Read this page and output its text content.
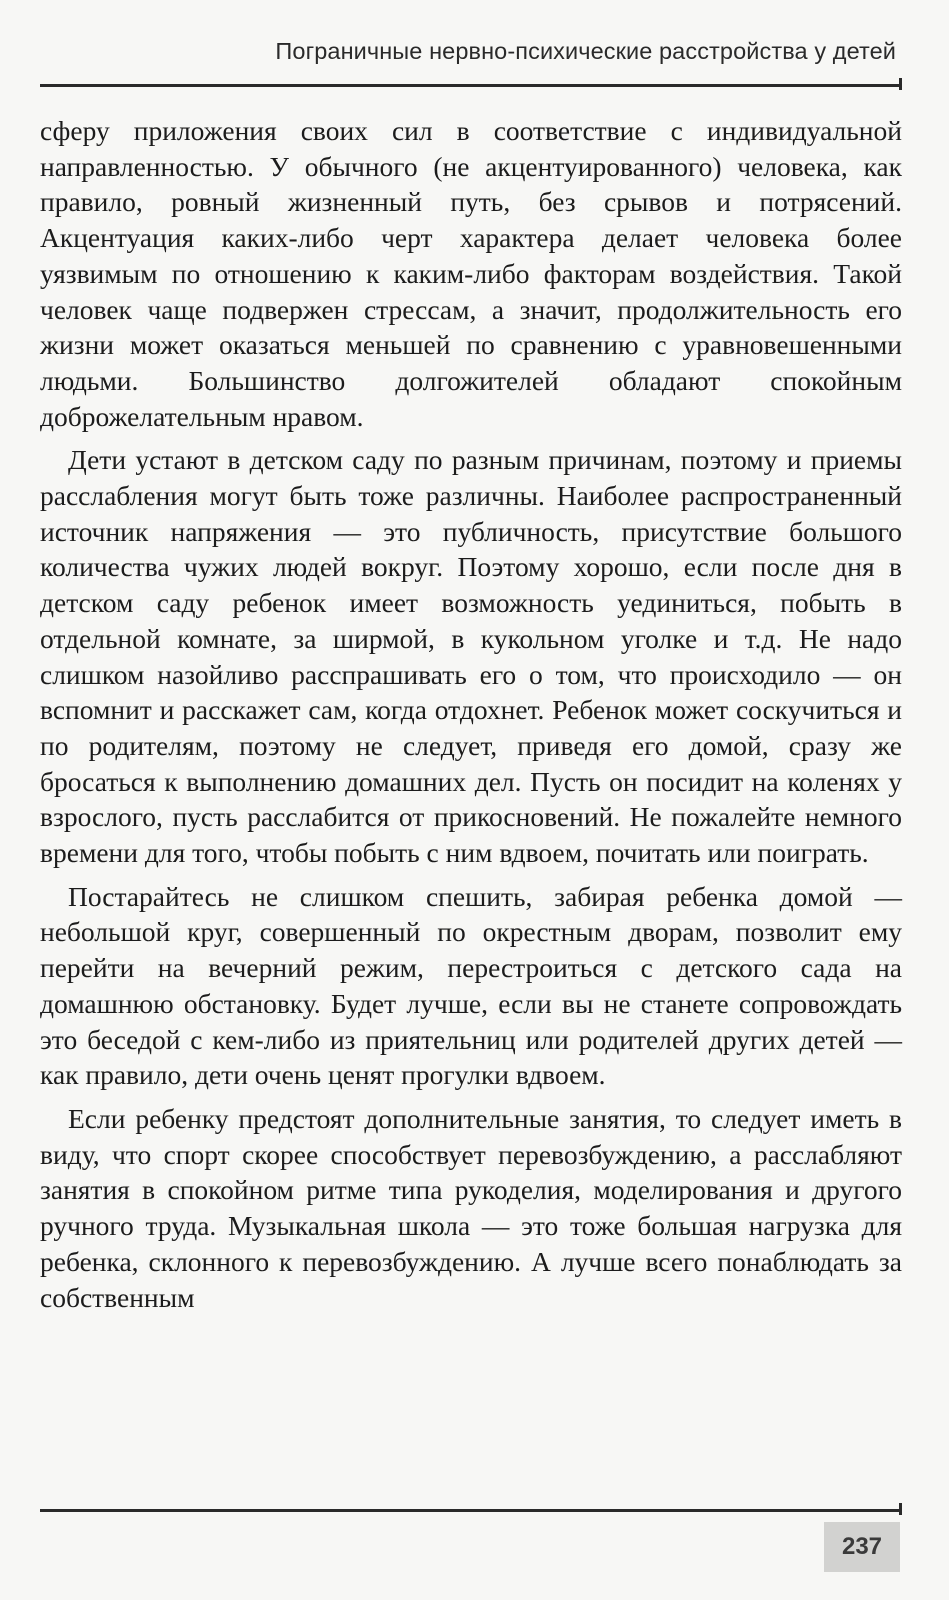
Пограничные нервно-психические расстройства у детей

сферу приложения своих сил в соответствие с индивидуальной направленностью. У обычного (не акцентуированного) человека, как правило, ровный жизненный путь, без срывов и потрясений. Акцентуация каких-либо черт характера делает человека более уязвимым по отношению к каким-либо факторам воздействия. Такой человек чаще подвержен стрессам, а значит, продолжительность его жизни может оказаться меньшей по сравнению с уравновешенными людьми. Большинство долгожителей обладают спокойным доброжелательным нравом.

Дети устают в детском саду по разным причинам, поэтому и приемы расслабления могут быть тоже различны. Наиболее распространенный источник напряжения — это публичность, присутствие большого количества чужих людей вокруг. Поэтому хорошо, если после дня в детском саду ребенок имеет возможность уединиться, побыть в отдельной комнате, за ширмой, в кукольном уголке и т.д. Не надо слишком назойливо расспрашивать его о том, что происходило — он вспомнит и расскажет сам, когда отдохнет. Ребенок может соскучиться и по родителям, поэтому не следует, приведя его домой, сразу же бросаться к выполнению домашних дел. Пусть он посидит на коленях у взрослого, пусть расслабится от прикосновений. Не пожалейте немного времени для того, чтобы побыть с ним вдвоем, почитать или поиграть.

Постарайтесь не слишком спешить, забирая ребенка домой — небольшой круг, совершенный по окрестным дворам, позволит ему перейти на вечерний режим, перестроиться с детского сада на домашнюю обстановку. Будет лучше, если вы не станете сопровождать это беседой с кем-либо из приятельниц или родителей других детей — как правило, дети очень ценят прогулки вдвоем.

Если ребенку предстоят дополнительные занятия, то следует иметь в виду, что спорт скорее способствует перевозбуждению, а расслабляют занятия в спокойном ритме типа рукоделия, моделирования и другого ручного труда. Музыкальная школа — это тоже большая нагрузка для ребенка, склонного к перевозбуждению. А лучше всего понаблюдать за собственным

237
